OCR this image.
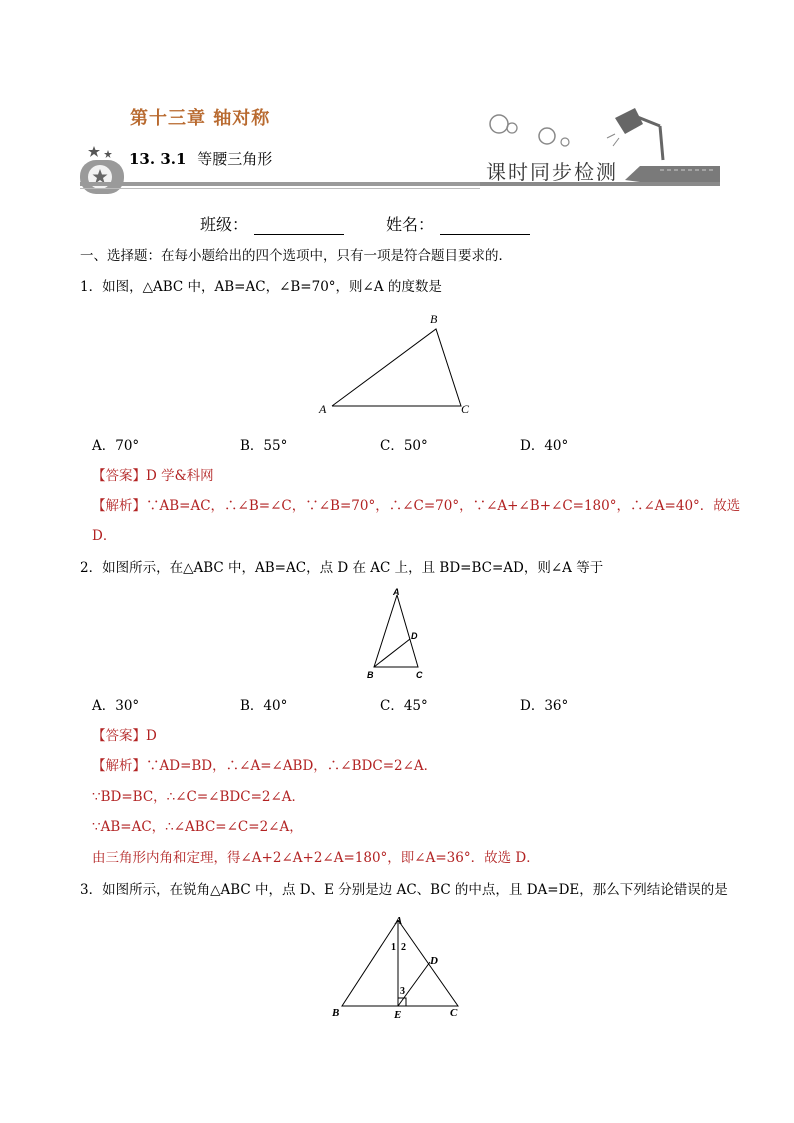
第十三章 轴对称
13. 3.1 等腰三角形
课时同步检测
班级：	姓名：
一、选择题：在每小题给出的四个选项中，只有一项是符合题目要求的．
1．如图，△ABC 中，AB=AC，∠B=70°，则∠A 的度数是
A
B
C
A．70°	B．55°	C．50°	D．40°
【答案】D 学&科网
【解析】∵AB=AC，∴∠B=∠C，∵∠B=70°，∴∠C=70°，∵∠A+∠B+∠C=180°，∴∠A=40°．故选
D．
2．如图所示，在△ABC 中，AB=AC，点 D 在 AC 上，且 BD=BC=AD，则∠A 等于
A
B	C
D
A．30°	B．40°	C．45°	D．36°
【答案】D
【解析】∵AD=BD，∴∠A=∠ABD，∴∠BDC=2∠A．
∵BD=BC，∴∠C=∠BDC=2∠A．
∵AB=AC，∴∠ABC=∠C=2∠A，
由三角形内角和定理，得∠A+2∠A+2∠A=180°，即∠A=36°．故选 D．
3．如图所示，在锐角△ABC 中，点 D、E 分别是边 AC、BC 的中点，且 DA=DE，那么下列结论错误的是
A
B	C
D
E
1 2
3
